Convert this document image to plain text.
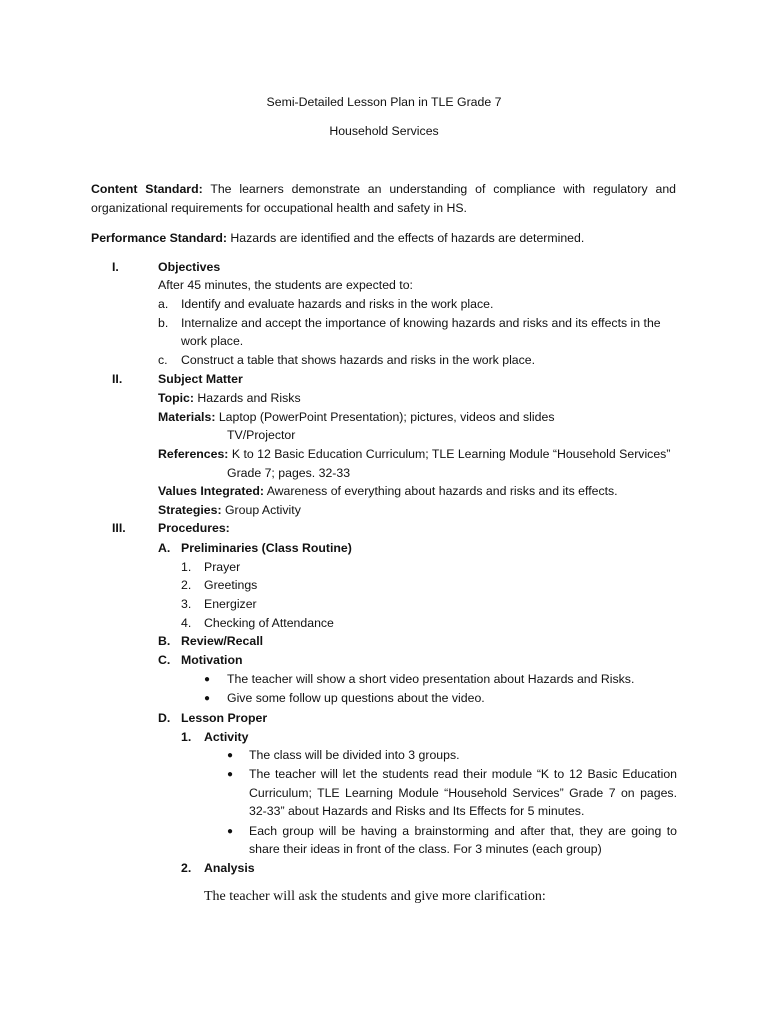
Semi-Detailed Lesson Plan in TLE Grade 7
Household Services
Content Standard: The learners demonstrate an understanding of compliance with regulatory and
organizational requirements for occupational health and safety in HS.
Performance Standard: Hazards are identified and the effects of hazards are determined.
I.	Objectives
After 45 minutes, the students are expected to:
a. Identify and evaluate hazards and risks in the work place.
b. Internalize and accept the importance of knowing hazards and risks and its effects in the
work place.
c. Construct a table that shows hazards and risks in the work place.
II.	Subject Matter
Topic: Hazards and Risks
Materials: Laptop (PowerPoint Presentation); pictures, videos and slides
TV/Projector
References: K to 12 Basic Education Curriculum; TLE Learning Module “Household Services”
Grade 7; pages. 32-33
Values Integrated: Awareness of everything about hazards and risks and its effects.
Strategies: Group Activity
III.	Procedures:
A. Preliminaries (Class Routine)
1. Prayer
2. Greetings
3. Energizer
4. Checking of Attendance
B. Review/Recall
C. Motivation
● The teacher will show a short video presentation about Hazards and Risks.
● Give some follow up questions about the video.
D. Lesson Proper
1. Activity
● The class will be divided into 3 groups.
● The teacher will let the students read their module “K to 12 Basic Education
Curriculum; TLE Learning Module “Household Services” Grade 7 on pages.
32-33” about Hazards and Risks and Its Effects for 5 minutes.
● Each group will be having a brainstorming and after that, they are going to
share their ideas in front of the class. For 3 minutes (each group)
2. Analysis
The teacher will ask the students and give more clarification:
